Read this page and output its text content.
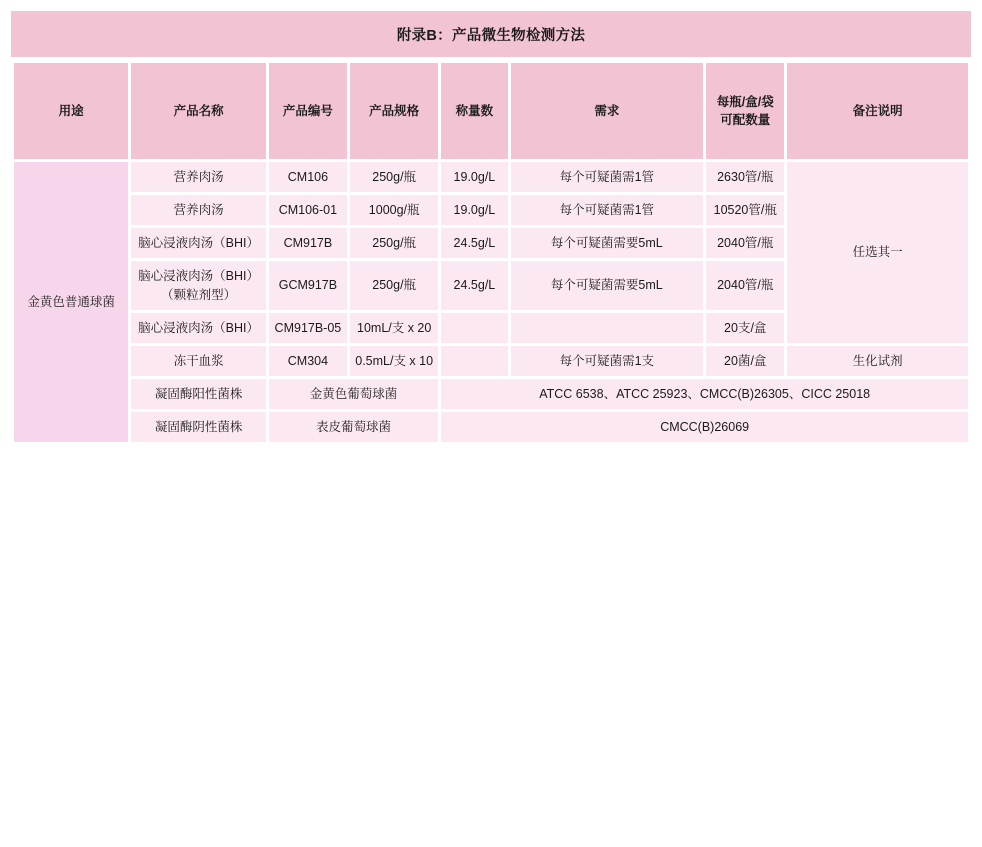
附录B：产品微生物检测方法
用途	产品名称	产品编号	产品规格	称量数	需求	每瓶/盒/袋可配数量	备注说明
金黄色普通球菌	营养肉汤	CM106	250g/瓶	19.0g/L	每个可疑菌需1管	2630管/瓶	任选其一
	营养肉汤	CM106-01	1000g/瓶	19.0g/L	每个可疑菌需1管	10520管/瓶	
	脑心浸液肉汤（BHI）	CM917B	250g/瓶	24.5g/L	每个可疑菌需要5mL	2040管/瓶	
	脑心浸液肉汤（BHI）（颗粒剂型）	GCM917B	250g/瓶	24.5g/L	每个可疑菌需要5mL	2040管/瓶	
	脑心浸液肉汤（BHI）	CM917B-05	10mL/支 x 20			20支/盒	
	冻干血浆	CM304	0.5mL/支 x 10		每个可疑菌需1支	20菌/盒	生化试剂
	凝固酶阳性菌株	金黄色葡萄球菌		ATCC 6538、ATCC 25923、CMCC(B)26305、CICC 25018			
	凝固酶阴性菌株	表皮葡萄球菌		CMCC(B)26069			
